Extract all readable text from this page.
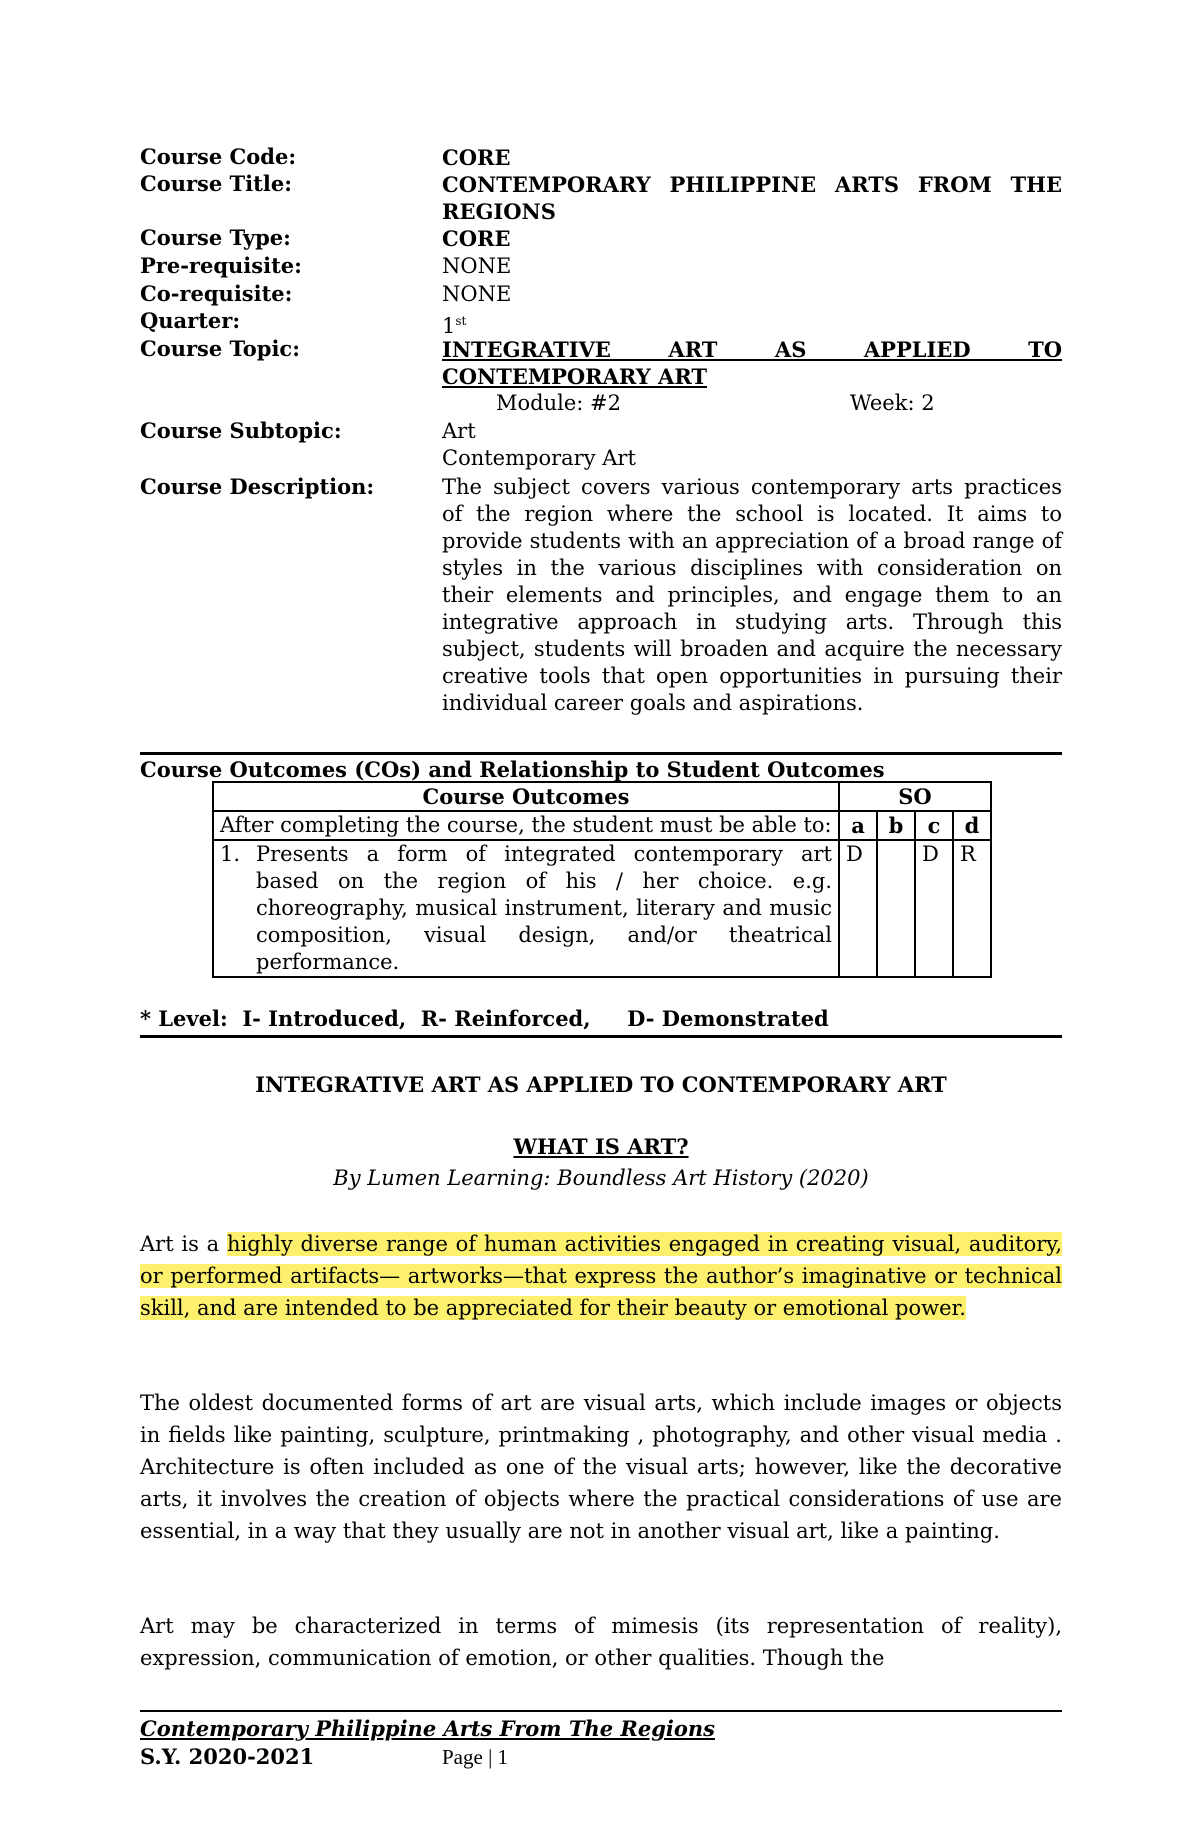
Course Code:	CORE
Course Title:	CONTEMPORARY PHILIPPINE ARTS FROM THE
REGIONS
Course Type:	CORE
Pre-requisite:	NONE
Co-requisite:	NONE
Quarter:	1st
Course Topic:	INTEGRATIVE ART AS APPLIED TO
CONTEMPORARY ART
Module: #2	Week: 2
Course Subtopic:	Art
Contemporary Art
Course Description:	The subject covers various contemporary arts practices of the region where the school is located. It aims to provide students with an appreciation of a broad range of styles in the various disciplines with consideration on their elements and principles, and engage them to an integrative approach in studying arts. Through this subject, students will broaden and acquire the necessary creative tools that open opportunities in pursuing their individual career goals and aspirations.
Course Outcomes (COs) and Relationship to Student Outcomes
Course Outcomes	SO			
After completing the course, the student must be able to:	a	b	c	d

1. Presents a form of integrated contemporary art based on the region of his / her choice. e.g. choreography, musical instrument, literary and music composition, visual design, and/or theatrical performance.	D		D	R
* Level:  I- Introduced,  R- Reinforced,     D- Demonstrated
INTEGRATIVE ART AS APPLIED TO CONTEMPORARY ART
WHAT IS ART?
By Lumen Learning: Boundless Art History (2020)
Art is a highly diverse range of human activities engaged in creating visual, auditory, or performed artifacts— artworks—that express the author’s imaginative or technical skill, and are intended to be appreciated for their beauty or emotional power.
The oldest documented forms of art are visual arts, which include images or objects in fields like painting, sculpture, printmaking , photography, and other visual media . Architecture is often included as one of the visual arts; however, like the decorative arts, it involves the creation of objects where the practical considerations of use are essential, in a way that they usually are not in another visual art, like a painting.
Art may be characterized in terms of mimesis (its representation of reality), expression, communication of emotion, or other qualities. Though the
Contemporary Philippine Arts From The Regions
S.Y. 2020-2021	Page | 1
